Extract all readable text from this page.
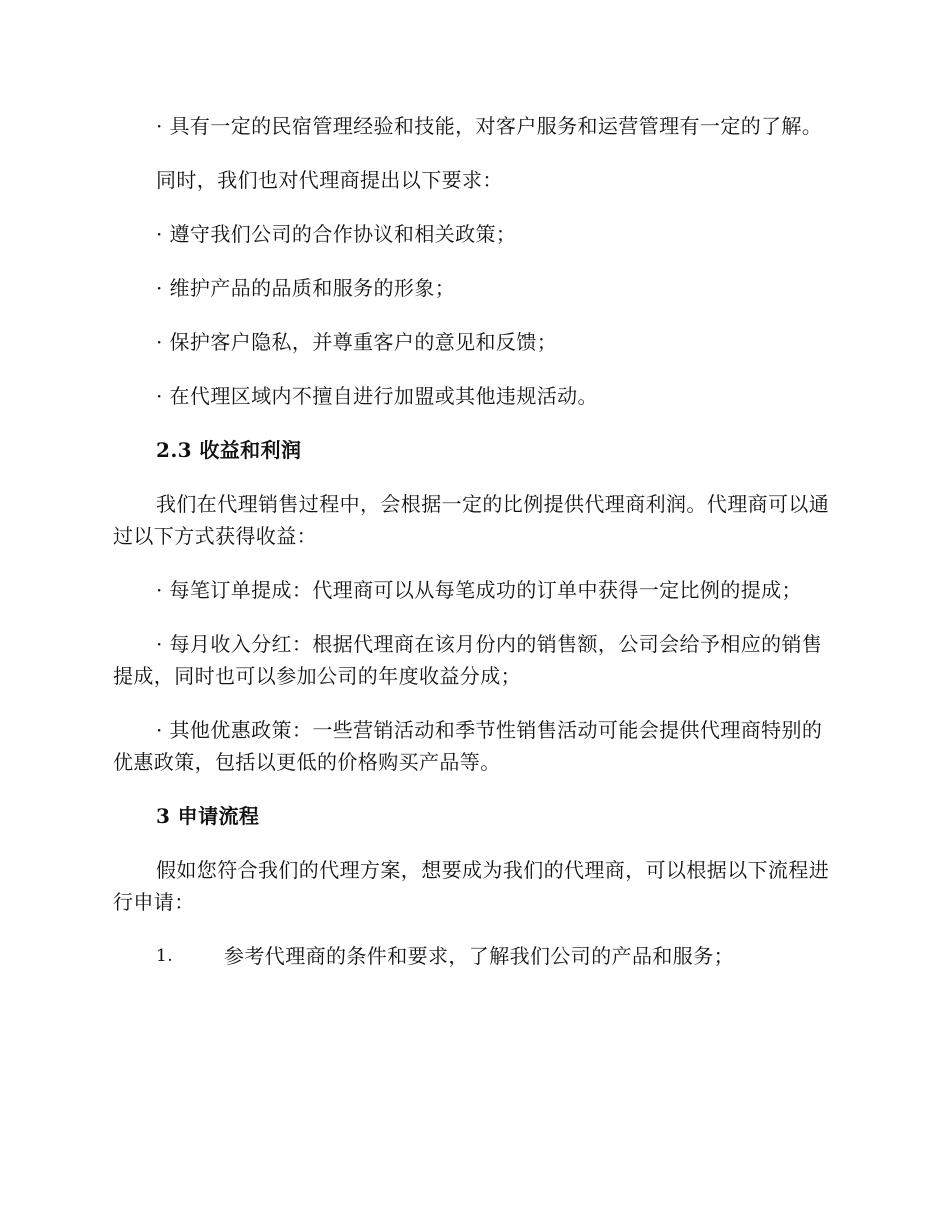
· 具有一定的民宿管理经验和技能，对客户服务和运营管理有一定的了解。

同时，我们也对代理商提出以下要求：

· 遵守我们公司的合作协议和相关政策；

· 维护产品的品质和服务的形象；

· 保护客户隐私，并尊重客户的意见和反馈；

· 在代理区域内不擅自进行加盟或其他违规活动。

2.3 收益和利润

我们在代理销售过程中，会根据一定的比例提供代理商利润。代理商可以通过以下方式获得收益：

· 每笔订单提成：代理商可以从每笔成功的订单中获得一定比例的提成；

· 每月收入分红：根据代理商在该月份内的销售额，公司会给予相应的销售提成，同时也可以参加公司的年度收益分成；

· 其他优惠政策：一些营销活动和季节性销售活动可能会提供代理商特别的优惠政策，包括以更低的价格购买产品等。

3 申请流程

假如您符合我们的代理方案，想要成为我们的代理商，可以根据以下流程进行申请：

1.	参考代理商的条件和要求，了解我们公司的产品和服务；
